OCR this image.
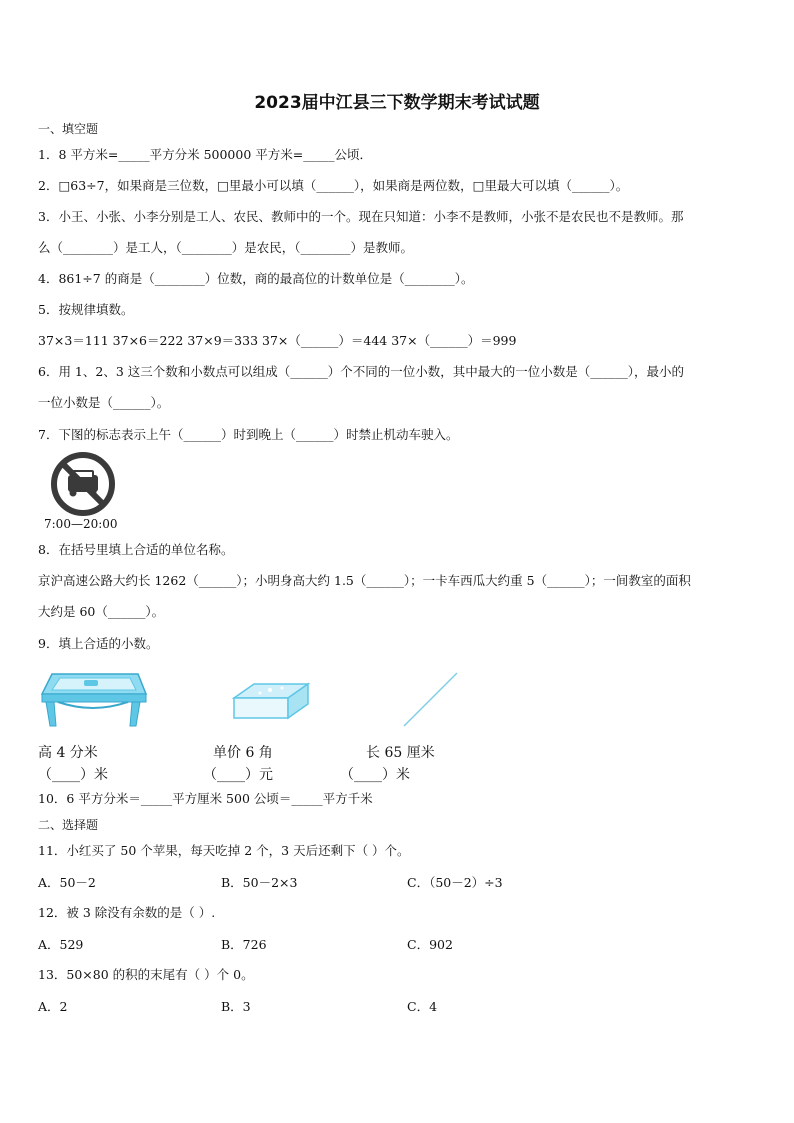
2023届中江县三下数学期末考试试题
一、填空题
1．8 平方米=_____平方分米 500000 平方米=_____公顷．
2．□63÷7，如果商是三位数，□里最小可以填（______），如果商是两位数，□里最大可以填（______）。
3．小王、小张、小李分别是工人、农民、教师中的一个。现在只知道：小李不是教师，小张不是农民也不是教师。那
么（________）是工人，（________）是农民，（________）是教师。
4．861÷7 的商是（________）位数，商的最高位的计数单位是（________）。
5．按规律填数。
37×3＝111 37×6＝222 37×9＝333 37×（______）＝444 37×（______）＝999
6．用 1、2、3 这三个数和小数点可以组成（______）个不同的一位小数，其中最大的一位小数是（______），最小的
一位小数是（______）。
7．下图的标志表示上午（______）时到晚上（______）时禁止机动车驶入。
7:00—20:00
8．在括号里填上合适的单位名称。
京沪高速公路大约长 1262（______）；小明身高大约 1.5（______）；一卡车西瓜大约重 5（______）；一间教室的面积
大约是 60（______）。
9．填上合适的小数。
高 4 分米
（____）米
单价 6 角
（____）元
长 65 厘米
（____）米
10．6 平方分米＝_____平方厘米 500 公顷＝_____平方千米
二、选择题
11．小红买了 50 个苹果，每天吃掉 2 个，3 天后还剩下（ ）个。
A．50－2	B．50－2×3	C．（50－2）÷3
12．被 3 除没有余数的是（ ）.
A．529	B．726	C．902
13．50×80 的积的末尾有（ ）个 0。
A．2	B．3	C．4
